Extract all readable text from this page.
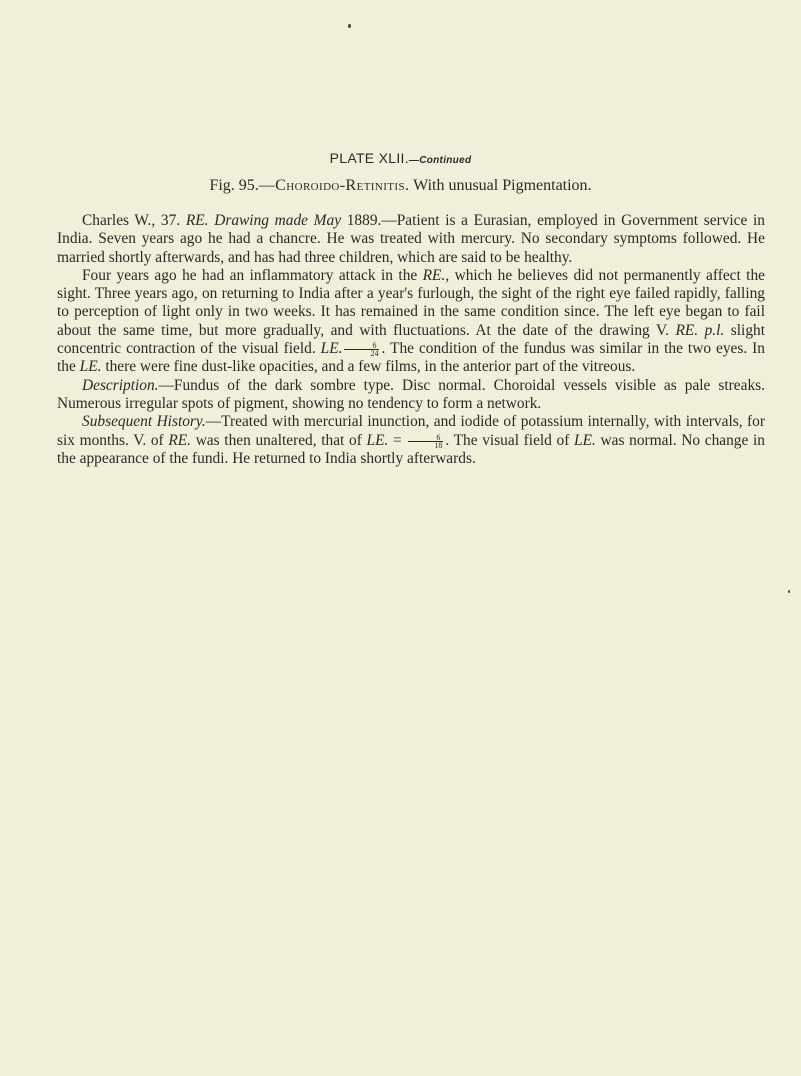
PLATE XLII.—Continued
Fig. 95.—Choroido-Retinitis. With unusual Pigmentation.

Charles W., 37. RE. Drawing made May 1889.—Patient is a Eurasian, employed in Government service in India. Seven years ago he had a chancre. He was treated with mercury. No secondary symptoms followed. He married shortly afterwards, and has had three children, which are said to be healthy.

Four years ago he had an inflammatory attack in the RE., which he believes did not permanently affect the sight. Three years ago, on returning to India after a year's furlough, the sight of the right eye failed rapidly, falling to perception of light only in two weeks. It has remained in the same condition since. The left eye began to fail about the same time, but more gradually, and with fluctuations. At the date of the drawing V. RE. p.l. slight concentric contraction of the visual field. LE. $\frac{6}{24}$ . The condition of the fundus was similar in the two eyes. In the LE. there were fine dust-like opacities, and a few films, in the anterior part of the vitreous.

Description.—Fundus of the dark sombre type. Disc normal. Choroidal vessels visible as pale streaks. Numerous irregular spots of pigment, showing no tendency to form a network.

Subsequent History.—Treated with mercurial inunction, and iodide of potassium internally, with intervals, for six months. V. of RE. was then unaltered, that of LE. = $\frac{6}{18}$ . The visual field of LE. was normal. No change in the appearance of the fundi. He returned to India shortly afterwards.
